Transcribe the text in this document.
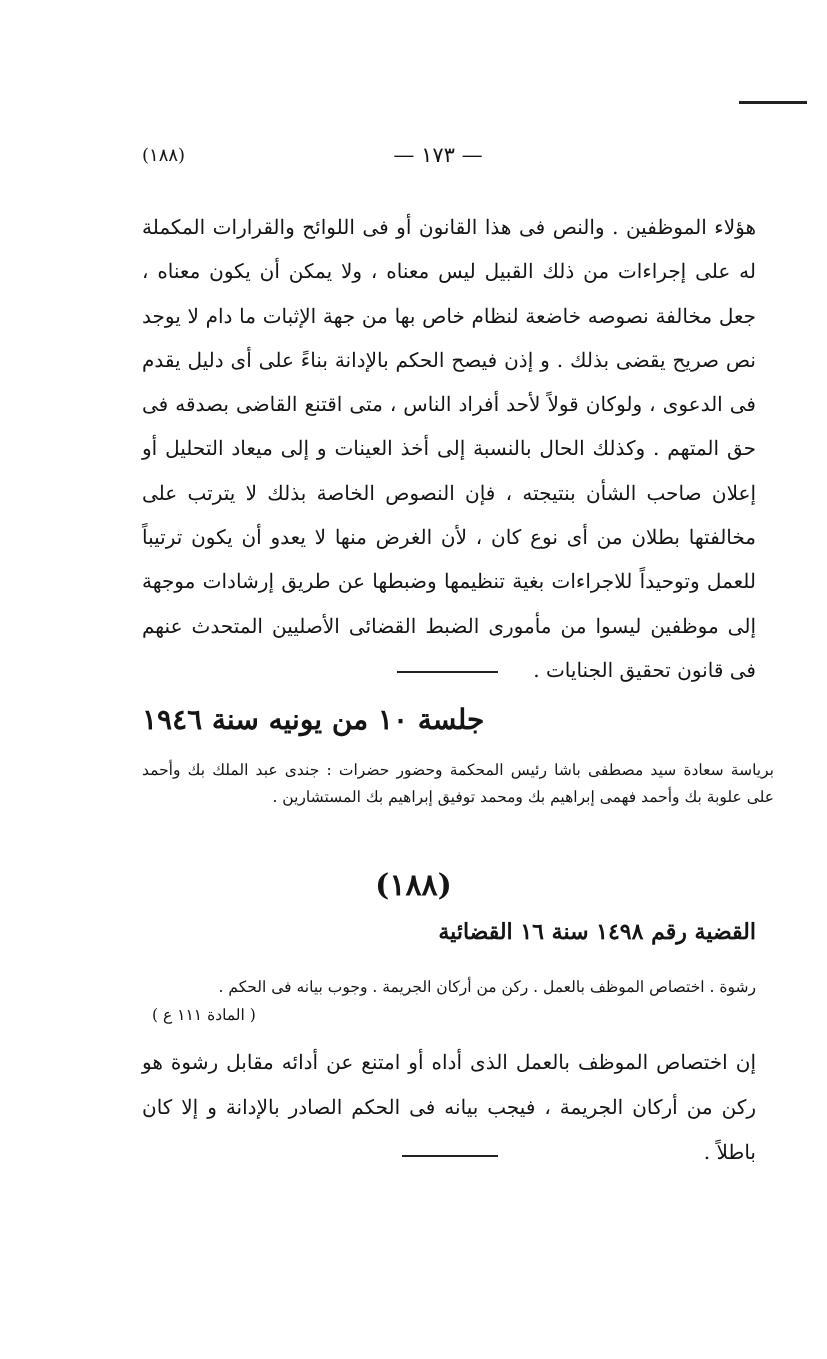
(١٨٨)	— ١٧٣ —
هؤلاء الموظفين . والنص فى هذا القانون أو فى اللوائح والقرارات المكملة له على إجراءات من ذلك القبيل ليس معناه ، ولا يمكن أن يكون معناه ، جعل مخالفة نصوصه خاضعة لنظام خاص بها من جهة الإثبات ما دام لا يوجد نص صريح يقضى بذلك . و إذن فيصح الحكم بالإدانة بناءً على أى دليل يقدم فى الدعوى ، ولوكان قولاً لأحد أفراد الناس ، متى اقتنع القاضى بصدقه فى حق المتهم . وكذلك الحال بالنسبة إلى أخذ العينات و إلى ميعاد التحليل أو إعلان صاحب الشأن بنتيجته ، فإن النصوص الخاصة بذلك لا يترتب على مخالفتها بطلان من أى نوع كان ، لأن الغرض منها لا يعدو أن يكون ترتيباً للعمل وتوحيداً للاجراءات بغية تنظيمها وضبطها عن طريق إرشادات موجهة إلى موظفين ليسوا من مأمورى الضبط القضائى الأصليين المتحدث عنهم فى قانون تحقيق الجنايات .
جلسة ١٠ من يونيه سنة ١٩٤٦
برياسة سعادة سيد مصطفى باشا رئيس المحكمة وحضور حضرات : جندى عبد الملك بك وأحمد على علوبة بك وأحمد فهمى إبراهيم بك ومحمد توفيق إبراهيم بك المستشارين .
(١٨٨)
القضية رقم ١٤٩٨ سنة ١٦ القضائية
رشوة . اختصاص الموظف بالعمل . ركن من أركان الجريمة . وجوب بيانه فى الحكم .
( المادة ١١١ ع )
إن اختصاص الموظف بالعمل الذى أداه أو امتنع عن أدائه مقابل رشوة هو ركن من أركان الجريمة ، فيجب بيانه فى الحكم الصادر بالإدانة و إلا كان باطلاً .
